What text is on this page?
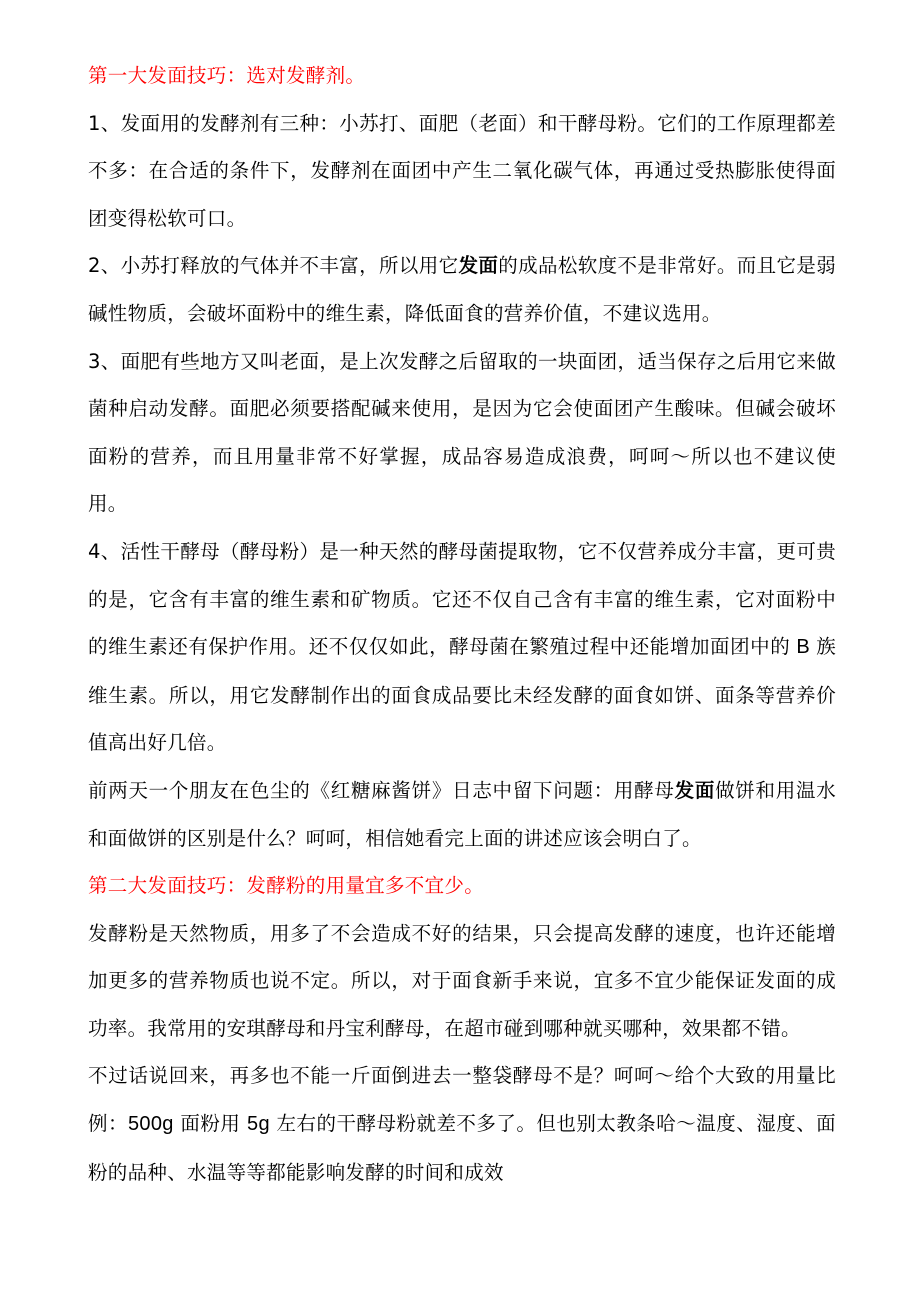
第一大发面技巧：选对发酵剂。

1、发面用的发酵剂有三种：小苏打、面肥（老面）和干酵母粉。它们的工作原理都差不多：在合适的条件下，发酵剂在面团中产生二氧化碳气体，再通过受热膨胀使得面团变得松软可口。

2、小苏打释放的气体并不丰富，所以用它发面的成品松软度不是非常好。而且它是弱碱性物质，会破坏面粉中的维生素，降低面食的营养价值，不建议选用。

3、面肥有些地方又叫老面，是上次发酵之后留取的一块面团，适当保存之后用它来做菌种启动发酵。面肥必须要搭配碱来使用，是因为它会使面团产生酸味。但碱会破坏面粉的营养，而且用量非常不好掌握，成品容易造成浪费，呵呵～所以也不建议使用。

4、活性干酵母（酵母粉）是一种天然的酵母菌提取物，它不仅营养成分丰富，更可贵的是，它含有丰富的维生素和矿物质。它还不仅自己含有丰富的维生素，它对面粉中的维生素还有保护作用。还不仅仅如此，酵母菌在繁殖过程中还能增加面团中的 B 族维生素。所以，用它发酵制作出的面食成品要比未经发酵的面食如饼、面条等营养价值高出好几倍。

前两天一个朋友在色尘的《红糖麻酱饼》日志中留下问题：用酵母发面做饼和用温水和面做饼的区别是什么？呵呵，相信她看完上面的讲述应该会明白了。

第二大发面技巧：发酵粉的用量宜多不宜少。

发酵粉是天然物质，用多了不会造成不好的结果，只会提高发酵的速度，也许还能增加更多的营养物质也说不定。所以，对于面食新手来说，宜多不宜少能保证发面的成功率。我常用的安琪酵母和丹宝利酵母，在超市碰到哪种就买哪种，效果都不错。

不过话说回来，再多也不能一斤面倒进去一整袋酵母不是？呵呵～给个大致的用量比例：500g 面粉用 5g 左右的干酵母粉就差不多了。但也别太教条哈～温度、湿度、面粉的品种、水温等等都能影响发酵的时间和成效
